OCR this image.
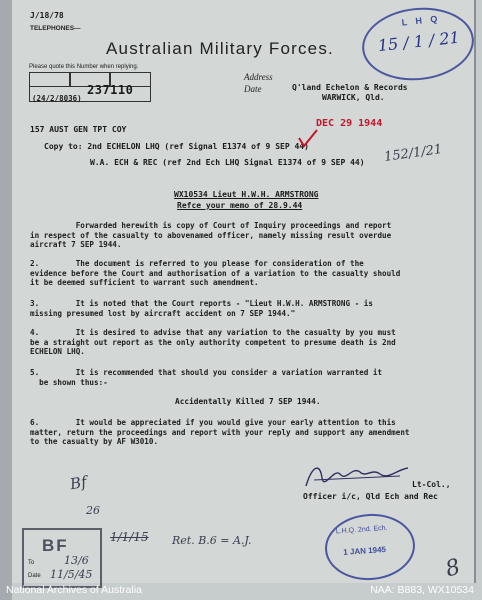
J/18/78
TELEPHONES—
Australian Military Forces.
Please quote this Number when replying.
(24/2/8036)
237110
Address
Date	Q'land Echelon & Records
WARWICK, Qld.
L H Q
15 / 1 / 21
157 AUST GEN TPT COY
Copy to: 2nd ECHELON LHQ (ref Signal E1374 of 9 SEP 44)
W.A. ECH & REC (ref 2nd Ech LHQ Signal E1374 of 9 SEP 44)
DEC 29 1944
152/1/21
WX10534 Lieut H.W.H. ARMSTRONG
Refce your memo of 28.9.44
Forwarded herewith is copy of Court of Inquiry proceedings and report
in respect of the casualty to abovenamed officer, namely missing result overdue
aircraft 7 SEP 1944.
2.        The document is referred to you please for consideration of the
evidence before the Court and authorisation of a variation to the casualty should
it be deemed sufficient to warrant such amendment.
3.        It is noted that the Court reports - "Lieut H.W.H. ARMSTRONG - is
missing presumed lost by aircraft accident on 7 SEP 1944."
4.        It is desired to advise that any variation to the casualty by you must
be a straight out report as the only authority competent to presume death is 2nd
ECHELON LHQ.
5.        It is recommended that should you consider a variation warranted it
be shown thus:-
Accidentally Killed 7 SEP 1944.
6.        It would be appreciated if you would give your early attention to this
matter, return the proceedings and report with your reply and support any amendment
to the casualty by AF W3010.
Lt-Col.,
Officer i/c, Qld Ech and Rec
Bf
26
1/1/15 Ret. B.6 = A.J.
BF
To
Date
13/6
11/5/45
L.H.Q. 2nd. Ech.
1 JAN 1945
8
National Archives of Australia	NAA: B883, WX10534
